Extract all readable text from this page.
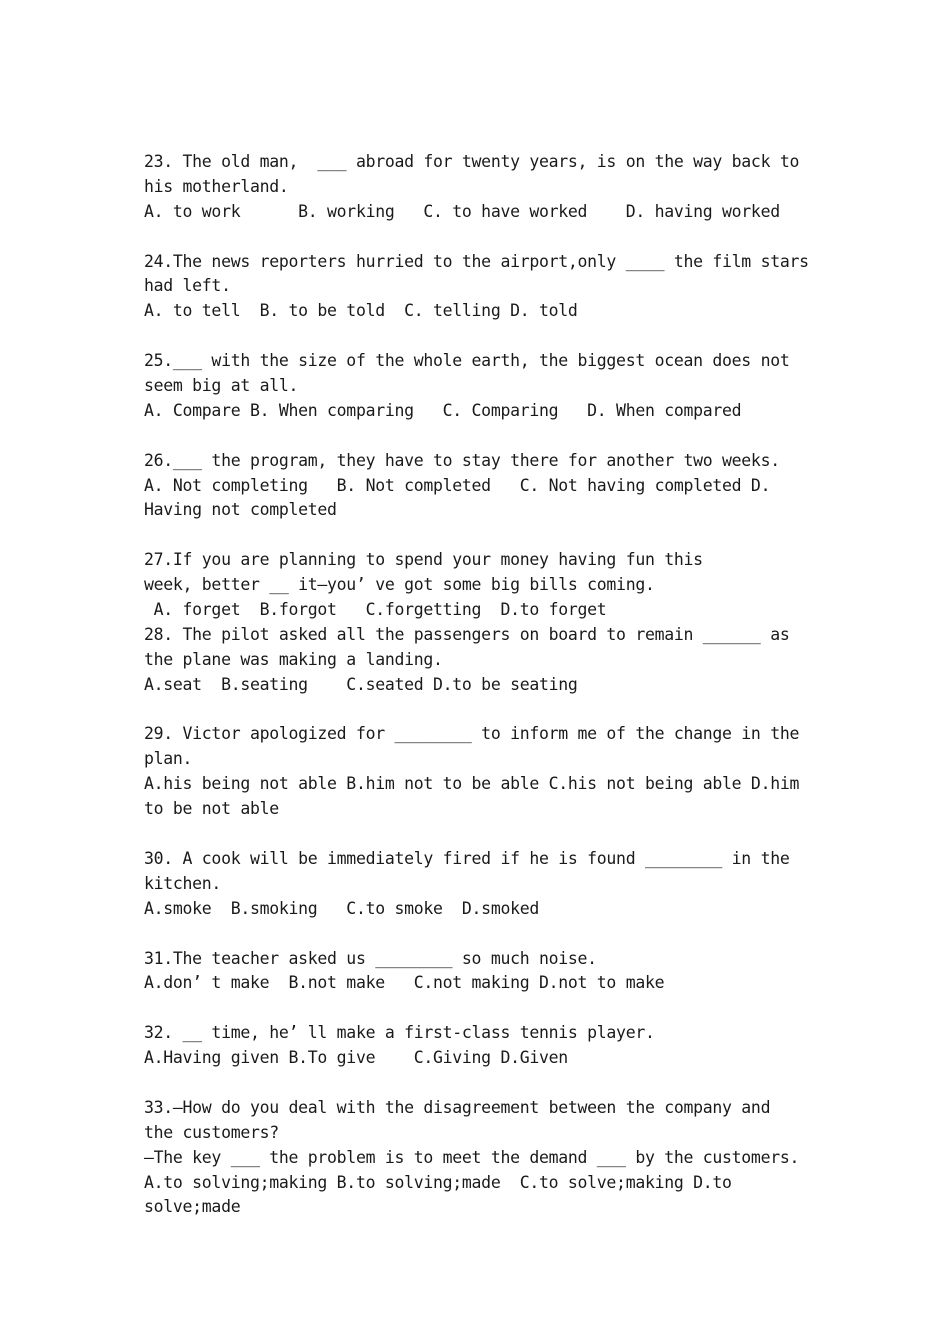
23. The old man,  ___ abroad for twenty years, is on the way back to
his motherland.
A. to work      B. working   C. to have worked    D. having worked
24.The news reporters hurried to the airport,only ____ the film stars
had left.
A. to tell  B. to be told  C. telling D. told
25.___ with the size of the whole earth, the biggest ocean does not
seem big at all.
A. Compare B. When comparing   C. Comparing   D. When compared
26.___ the program, they have to stay there for another two weeks.
A. Not completing   B. Not completed   C. Not having completed D.
Having not completed
27.If you are planning to spend your money having fun this
week, better __ it—you’ ve got some big bills coming.
A. forget  B.forgot   C.forgetting  D.to forget
28. The pilot asked all the passengers on board to remain ______ as
the plane was making a landing.
A.seat  B.seating    C.seated D.to be seating
29. Victor apologized for ________ to inform me of the change in the
plan.
A.his being not able B.him not to be able C.his not being able D.him
to be not able
30. A cook will be immediately fired if he is found ________ in the
kitchen.
A.smoke  B.smoking   C.to smoke  D.smoked
31.The teacher asked us ________ so much noise.
A.don’ t make  B.not make   C.not making D.not to make
32. __ time, he’ ll make a first-class tennis player.
A.Having given B.To give    C.Giving D.Given
33.—How do you deal with the disagreement between the company and
the customers?
—The key ___ the problem is to meet the demand ___ by the customers.
A.to solving;making B.to solving;made  C.to solve;making D.to
solve;made
